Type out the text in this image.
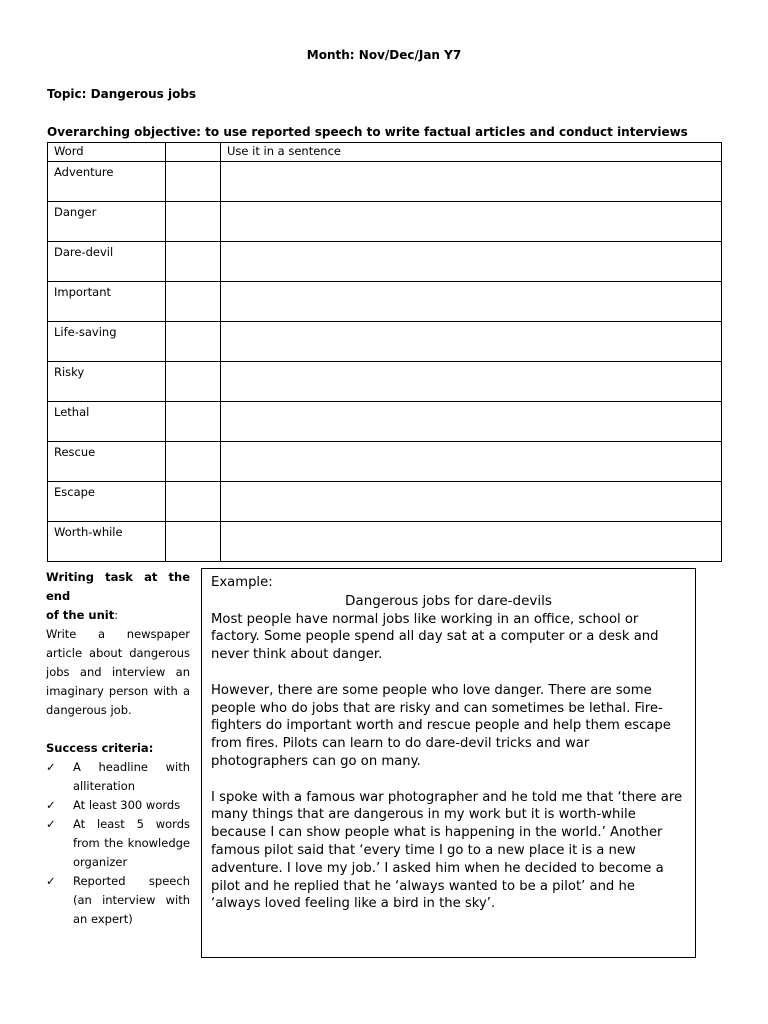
Month: Nov/Dec/Jan Y7
Topic: Dangerous jobs
Overarching objective: to use reported speech to write factual articles and conduct interviews
Word		Use it in a sentence
Adventure		
Danger		
Dare-devil		
Important		
Life-saving		
Risky		
Lethal		
Rescue		
Escape		
Worth-while		
Writing task at the end
of the unit:
Write a newspaper article about dangerous jobs and interview an imaginary person with a dangerous job.
Success criteria:
✓ A headline with alliteration
✓ At least 300 words
✓ At least 5 words from the knowledge organizer
✓ Reported speech (an interview with an expert)
Example:
Dangerous jobs for dare-devils

Most people have normal jobs like working in an office, school or factory. Some people spend all day sat at a computer or a desk and never think about danger.

However, there are some people who love danger. There are some people who do jobs that are risky and can sometimes be lethal. Fire-fighters do important worth and rescue people and help them escape from fires. Pilots can learn to do dare-devil tricks and war photographers can go on many.

I spoke with a famous war photographer and he told me that ‘there are many things that are dangerous in my work but it is worth-while because I can show people what is happening in the world.’ Another famous pilot said that ‘every time I go to a new place it is a new adventure. I love my job.’ I asked him when he decided to become a pilot and he replied that he ‘always wanted to be a pilot’ and he ‘always loved feeling like a bird in the sky’.
